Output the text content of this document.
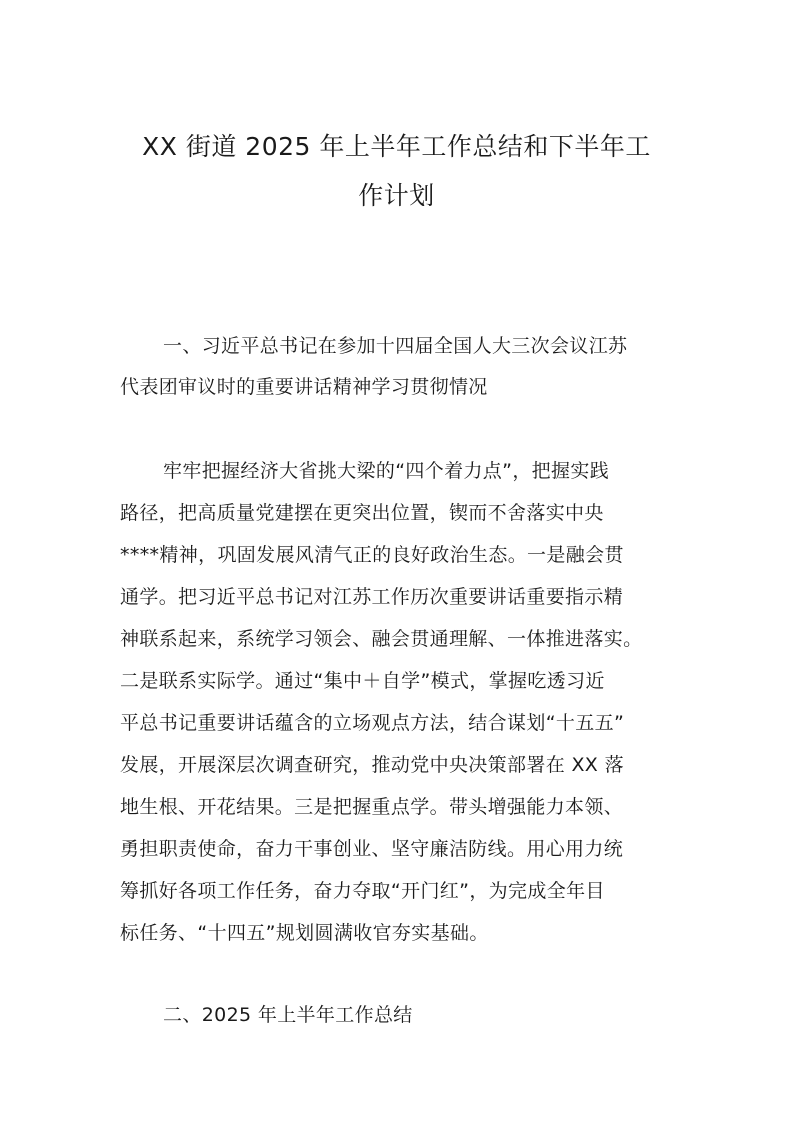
XX 街道 2025 年上半年工作总结和下半年工
作计划
一、习近平总书记在参加十四届全国人大三次会议江苏
代表团审议时的重要讲话精神学习贯彻情况
牢牢把握经济大省挑大梁的“四个着力点”，把握实践
路径，把高质量党建摆在更突出位置，锲而不舍落实中央
****精神，巩固发展风清气正的良好政治生态。一是融会贯
通学。把习近平总书记对江苏工作历次重要讲话重要指示精
神联系起来，系统学习领会、融会贯通理解、一体推进落实。
二是联系实际学。通过“集中＋自学”模式，掌握吃透习近
平总书记重要讲话蕴含的立场观点方法，结合谋划“十五五”
发展，开展深层次调查研究，推动党中央决策部署在 XX 落
地生根、开花结果。三是把握重点学。带头增强能力本领、
勇担职责使命，奋力干事创业、坚守廉洁防线。用心用力统
筹抓好各项工作任务，奋力夺取“开门红”，为完成全年目
标任务、“十四五”规划圆满收官夯实基础。
二、2025 年上半年工作总结
